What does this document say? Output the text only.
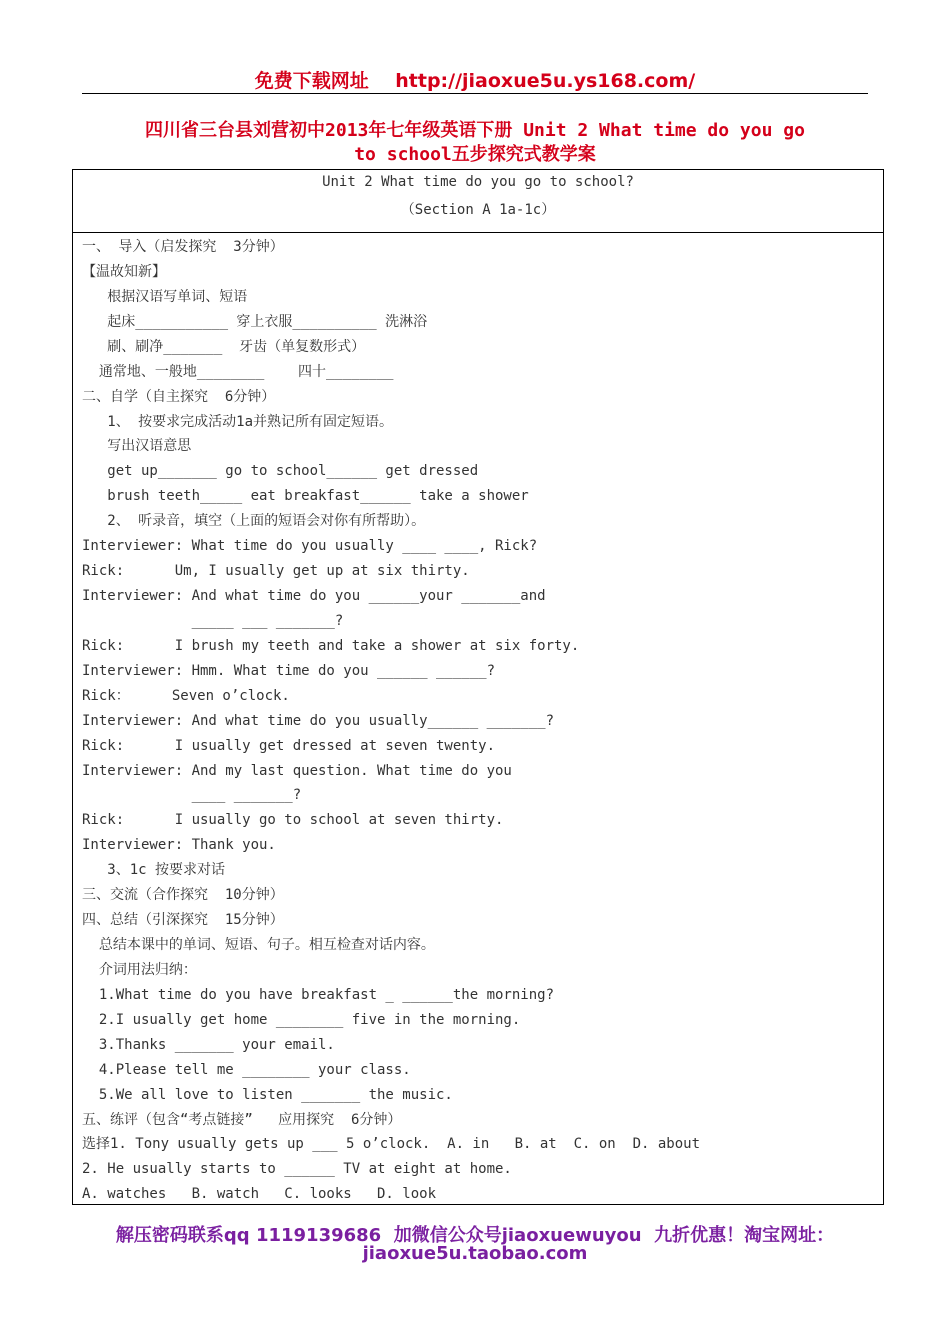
免费下载网址 http://jiaoxue5u.ys168.com/
四川省三台县刘营初中2013年七年级英语下册 Unit 2 What time do you go
to school五步探究式教学案
Unit 2 What time do you go to school?
（Section A 1a-1c）
一、 导入（启发探究  3分钟）
【温故知新】
根据汉语写单词、短语
起床___________ 穿上衣服__________ 洗淋浴
刷、刷净_______  牙齿（单复数形式）
通常地、一般地________    四十________
二、自学（自主探究  6分钟）
1、 按要求完成活动1a并熟记所有固定短语。
写出汉语意思
get up_______ go to school______ get dressed
brush teeth_____ eat breakfast______ take a shower
2、 听录音，填空（上面的短语会对你有所帮助）。
Interviewer: What time do you usually ____ ____, Rick?
Rick:      Um, I usually get up at six thirty.
Interviewer: And what time do you ______your _______and
_____ ___ _______?
Rick:      I brush my teeth and take a shower at six forty.
Interviewer: Hmm. What time do you ______ ______?
Rick：     Seven o’clock.
Interviewer: And what time do you usually______ _______?
Rick:      I usually get dressed at seven twenty.
Interviewer: And my last question. What time do you
____ _______?
Rick:      I usually go to school at seven thirty.
Interviewer: Thank you.
3、1c 按要求对话
三、交流（合作探究  10分钟）
四、总结（引深探究  15分钟）
总结本课中的单词、短语、句子。相互检查对话内容。
介词用法归纳：
1.What time do you have breakfast _ ______the morning?
2.I usually get home ________ five in the morning.
3.Thanks _______ your email.
4.Please tell me ________ your class.
5.We all love to listen _______ the music.
五、练评（包含“考点链接”   应用探究  6分钟）
选择1. Tony usually gets up ___ 5 o’clock.  A. in   B. at  C. on  D. about
2. He usually starts to ______ TV at eight at home.
A. watches   B. watch   C. looks   D. look
解压密码联系qq 1119139686  加微信公众号jiaoxuewuyou  九折优惠！淘宝网址：
jiaoxue5u.taobao.com
